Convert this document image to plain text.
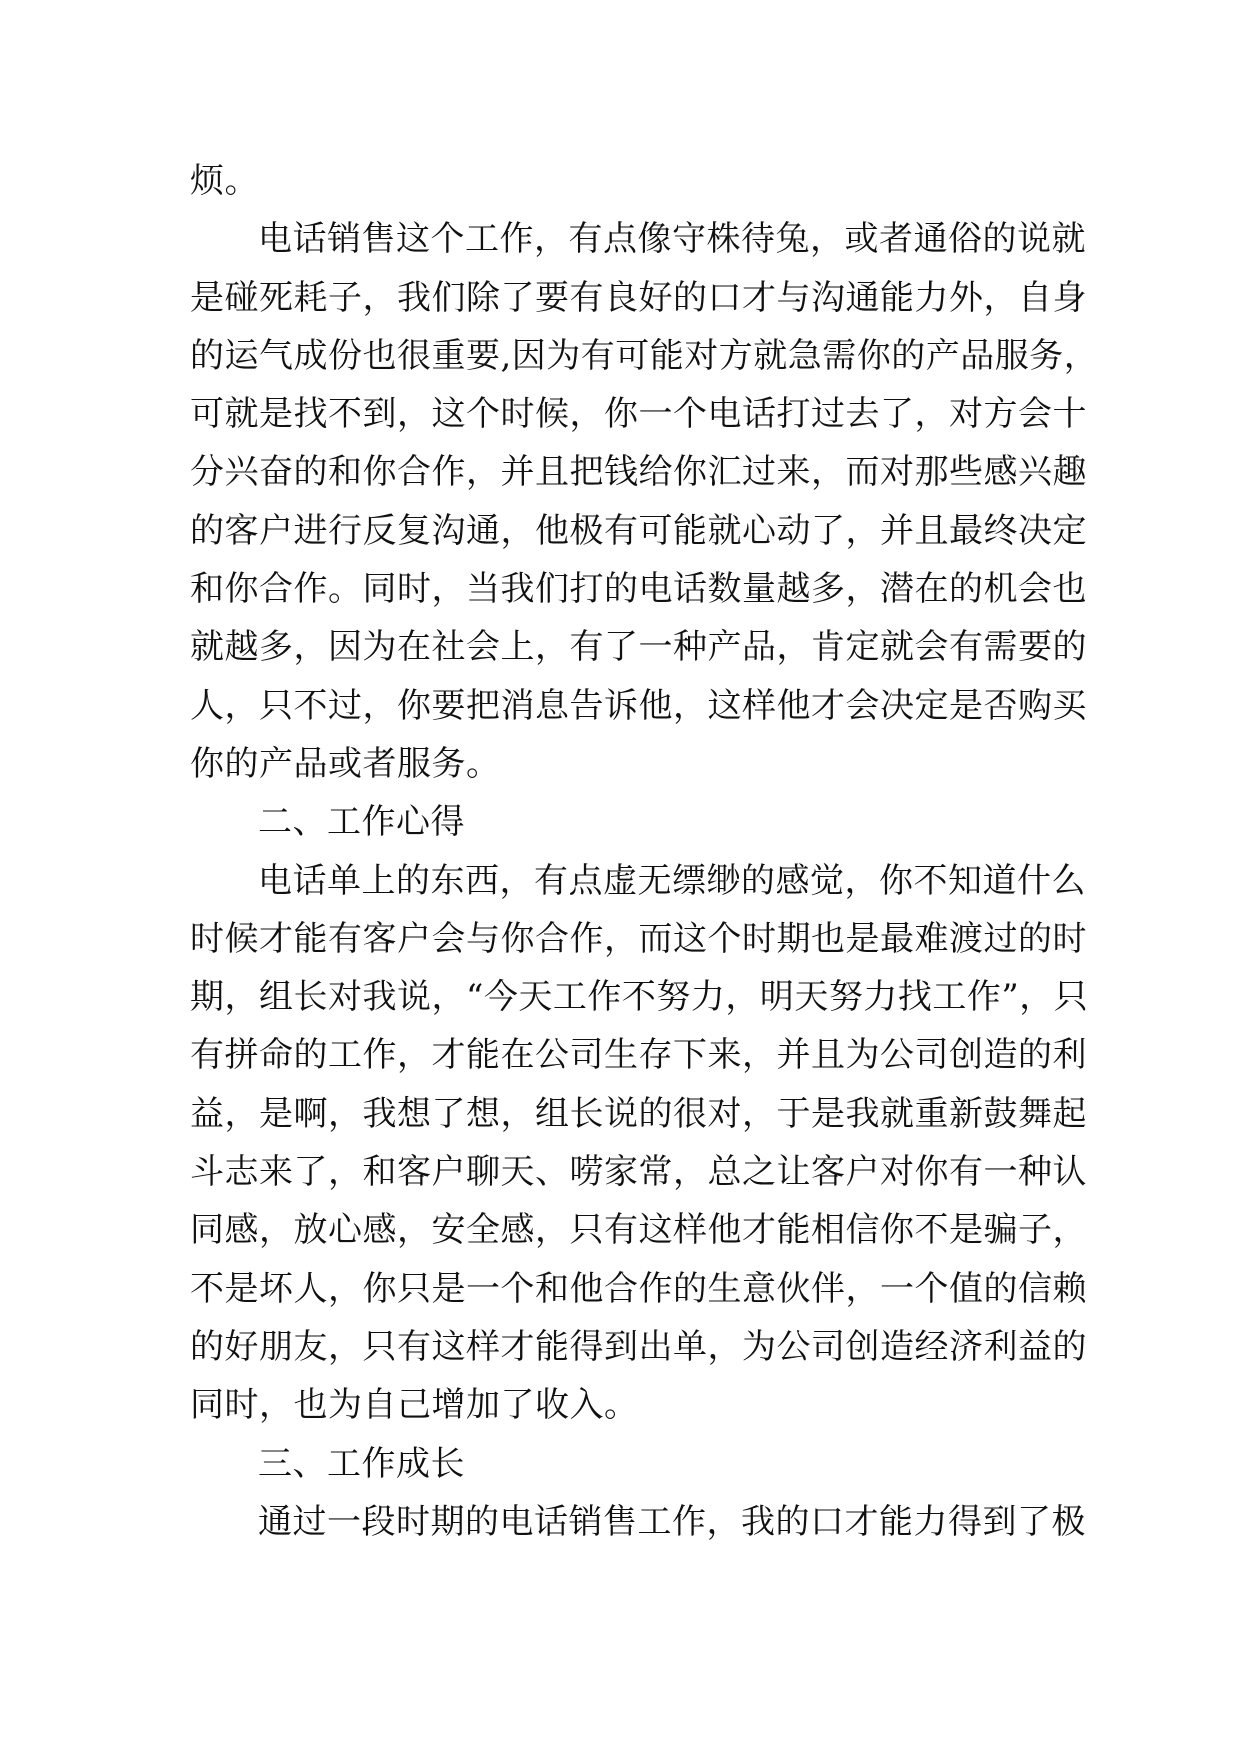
烦。
电话销售这个工作，有点像守株待兔，或者通俗的说就
是碰死耗子，我们除了要有良好的口才与沟通能力外，自身
的运气成份也很重要,因为有可能对方就急需你的产品服务，
可就是找不到，这个时候，你一个电话打过去了，对方会十
分兴奋的和你合作，并且把钱给你汇过来，而对那些感兴趣
的客户进行反复沟通，他极有可能就心动了，并且最终决定
和你合作。同时，当我们打的电话数量越多，潜在的机会也
就越多，因为在社会上，有了一种产品，肯定就会有需要的
人，只不过，你要把消息告诉他，这样他才会决定是否购买
你的产品或者服务。
二、工作心得
电话单上的东西，有点虚无缥缈的感觉，你不知道什么
时候才能有客户会与你合作，而这个时期也是最难渡过的时
期，组长对我说，“今天工作不努力，明天努力找工作”，只
有拼命的工作，才能在公司生存下来，并且为公司创造的利
益，是啊，我想了想，组长说的很对，于是我就重新鼓舞起
斗志来了，和客户聊天、唠家常，总之让客户对你有一种认
同感，放心感，安全感，只有这样他才能相信你不是骗子，
不是坏人，你只是一个和他合作的生意伙伴，一个值的信赖
的好朋友，只有这样才能得到出单，为公司创造经济利益的
同时，也为自己增加了收入。
三、工作成长
通过一段时期的电话销售工作，我的口才能力得到了极
